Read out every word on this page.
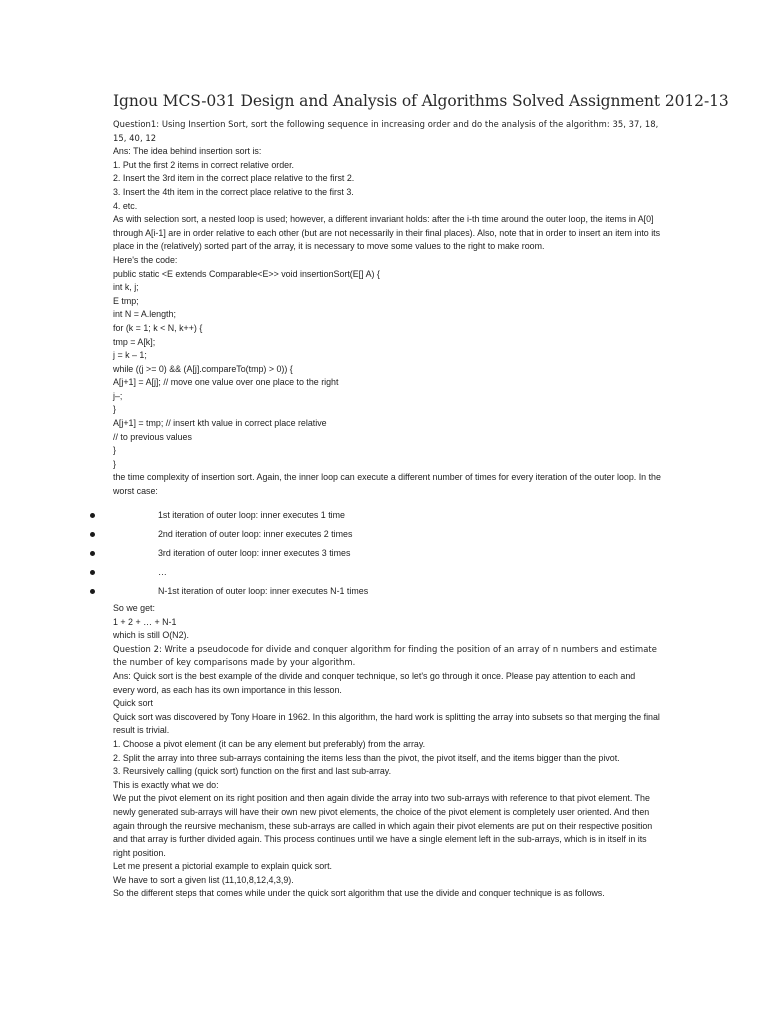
Ignou MCS-031 Design and Analysis of Algorithms Solved Assignment 2012-13
Question1: Using Insertion Sort, sort the following sequence in increasing order and do the analysis of the algorithm: 35, 37, 18,
15, 40, 12
Ans: The idea behind insertion sort is:
1. Put the first 2 items in correct relative order.
2. Insert the 3rd item in the correct place relative to the first 2.
3. Insert the 4th item in the correct place relative to the first 3.
4. etc.
As with selection sort, a nested loop is used; however, a different invariant holds: after the i-th time around the outer loop, the items in A[0]
through A[i-1] are in order relative to each other (but are not necessarily in their final places). Also, note that in order to insert an item into its
place in the (relatively) sorted part of the array, it is necessary to move some values to the right to make room.
Here's the code:
public static <E extends Comparable<E>> void insertionSort(E[] A) {
int k, j;
E tmp;
int N = A.length;
for (k = 1; k < N, k++) {
tmp = A[k];
j = k – 1;
while ((j >= 0) && (A[j].compareTo(tmp) > 0)) {
A[j+1] = A[j]; // move one value over one place to the right
j–;
}
A[j+1] = tmp; // insert kth value in correct place relative
// to previous values
}
}
the time complexity of insertion sort. Again, the inner loop can execute a different number of times for every iteration of the outer loop. In the
worst case:
1st iteration of outer loop: inner executes 1 time
2nd iteration of outer loop: inner executes 2 times
3rd iteration of outer loop: inner executes 3 times
…
N-1st iteration of outer loop: inner executes N-1 times
So we get:
1 + 2 + … + N-1
which is still O(N2).
Question 2: Write a pseudocode for divide and conquer algorithm for finding the position of an array of n numbers and estimate
the number of key comparisons made by your algorithm.
Ans: Quick sort is the best example of the divide and conquer technique, so let's go through it once. Please pay attention to each and
every word, as each has its own importance in this lesson.
Quick sort
Quick sort was discovered by Tony Hoare in 1962. In this algorithm, the hard work is splitting the array into subsets so that merging the final
result is trivial.
1. Choose a pivot element (it can be any element but preferably) from the array.
2. Split the array into three sub-arrays containing the items less than the pivot, the pivot itself, and the items bigger than the pivot.
3. Reursively calling (quick sort) function on the first and last sub-array.
This is exactly what we do:
We put the pivot element on its right position and then again divide the array into two sub-arrays with reference to that pivot element. The
newly generated sub-arrays will have their own new pivot elements, the choice of the pivot element is completely user oriented. And then
again through the reursive mechanism, these sub-arrays are called in which again their pivot elements are put on their respective position
and that array is further divided again. This process continues until we have a single element left in the sub-arrays, which is in itself in its
right position.
Let me present a pictorial example to explain quick sort.
We have to sort a given list (11,10,8,12,4,3,9).
So the different steps that comes while under the quick sort algorithm that use the divide and conquer technique is as follows.
